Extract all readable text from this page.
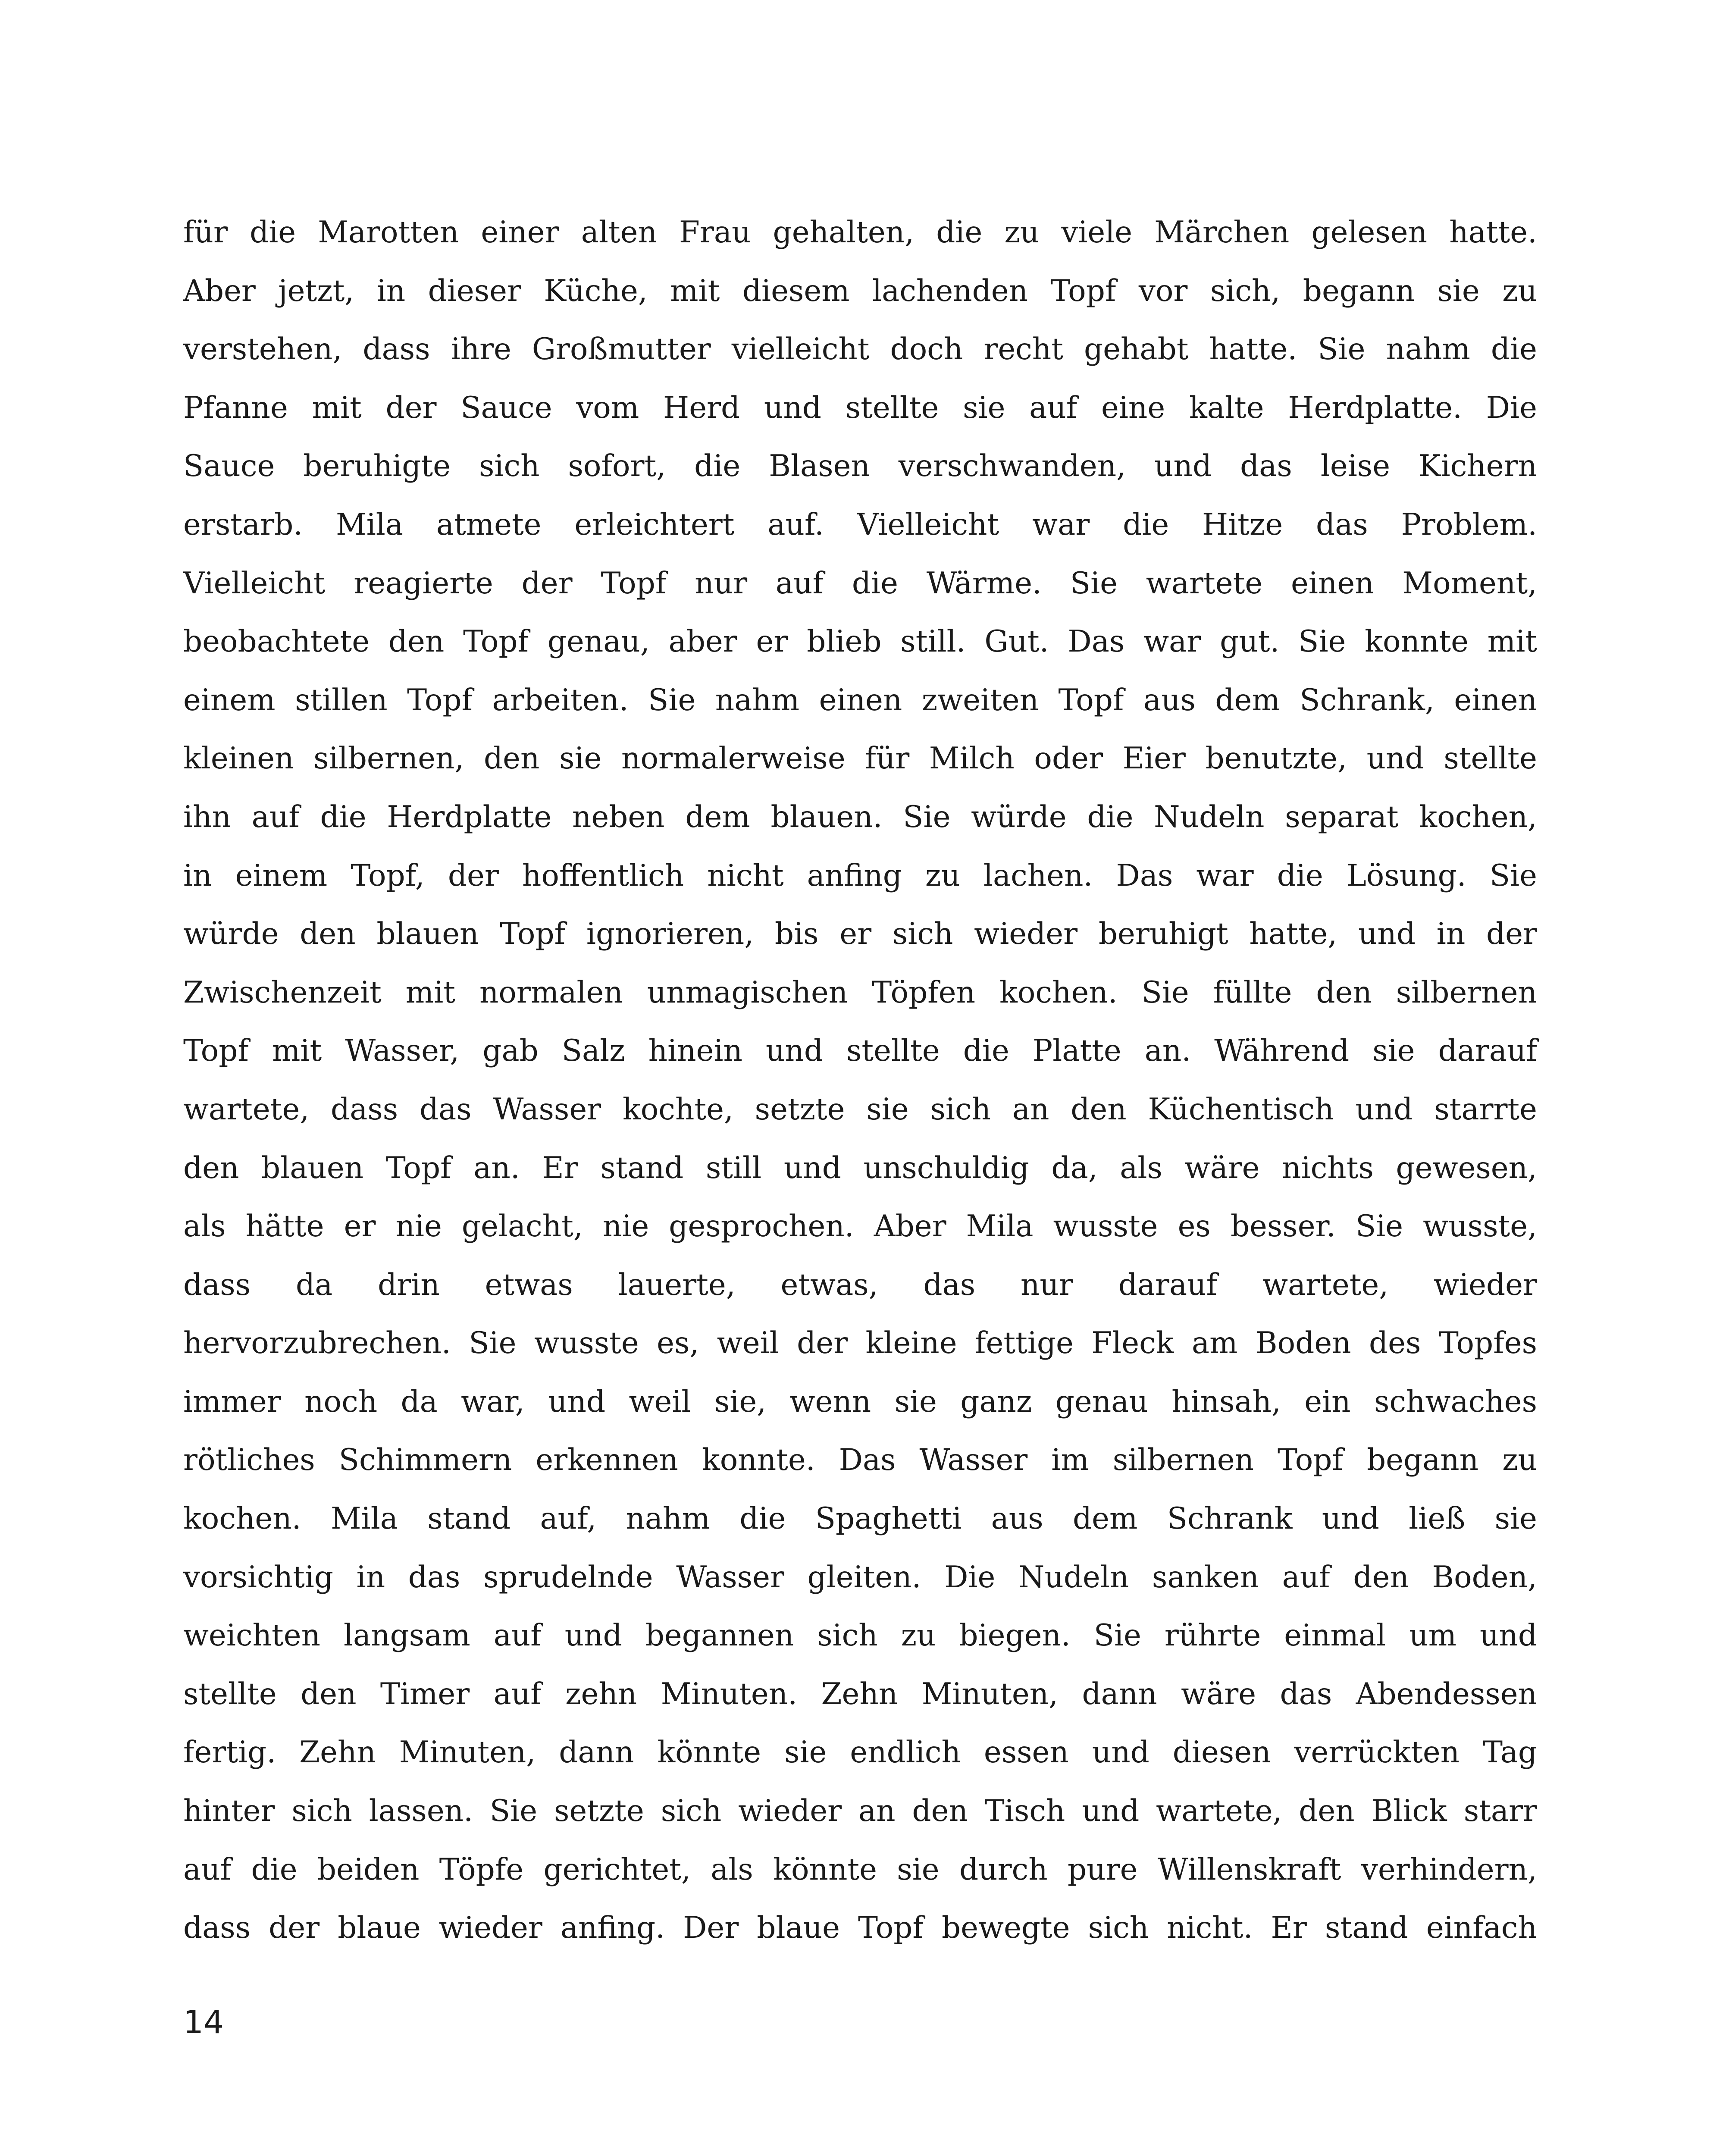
für die Marotten einer alten Frau gehalten, die zu viele Märchen gelesen hatte.
Aber jetzt, in dieser Küche, mit diesem lachenden Topf vor sich, begann sie zu
verstehen, dass ihre Großmutter vielleicht doch recht gehabt hatte. Sie nahm die
Pfanne mit der Sauce vom Herd und stellte sie auf eine kalte Herdplatte. Die
Sauce beruhigte sich sofort, die Blasen verschwanden, und das leise Kichern
erstarb. Mila atmete erleichtert auf. Vielleicht war die Hitze das Problem.
Vielleicht reagierte der Topf nur auf die Wärme. Sie wartete einen Moment,
beobachtete den Topf genau, aber er blieb still. Gut. Das war gut. Sie konnte mit
einem stillen Topf arbeiten. Sie nahm einen zweiten Topf aus dem Schrank, einen
kleinen silbernen, den sie normalerweise für Milch oder Eier benutzte, und stellte
ihn auf die Herdplatte neben dem blauen. Sie würde die Nudeln separat kochen,
in einem Topf, der hoffentlich nicht anfing zu lachen. Das war die Lösung. Sie
würde den blauen Topf ignorieren, bis er sich wieder beruhigt hatte, und in der
Zwischenzeit mit normalen unmagischen Töpfen kochen. Sie füllte den silbernen
Topf mit Wasser, gab Salz hinein und stellte die Platte an. Während sie darauf
wartete, dass das Wasser kochte, setzte sie sich an den Küchentisch und starrte
den blauen Topf an. Er stand still und unschuldig da, als wäre nichts gewesen,
als hätte er nie gelacht, nie gesprochen. Aber Mila wusste es besser. Sie wusste,
dass da drin etwas lauerte, etwas, das nur darauf wartete, wieder
hervorzubrechen. Sie wusste es, weil der kleine fettige Fleck am Boden des Topfes
immer noch da war, und weil sie, wenn sie ganz genau hinsah, ein schwaches
rötliches Schimmern erkennen konnte. Das Wasser im silbernen Topf begann zu
kochen. Mila stand auf, nahm die Spaghetti aus dem Schrank und ließ sie
vorsichtig in das sprudelnde Wasser gleiten. Die Nudeln sanken auf den Boden,
weichten langsam auf und begannen sich zu biegen. Sie rührte einmal um und
stellte den Timer auf zehn Minuten. Zehn Minuten, dann wäre das Abendessen
fertig. Zehn Minuten, dann könnte sie endlich essen und diesen verrückten Tag
hinter sich lassen. Sie setzte sich wieder an den Tisch und wartete, den Blick starr
auf die beiden Töpfe gerichtet, als könnte sie durch pure Willenskraft verhindern,
dass der blaue wieder anfing. Der blaue Topf bewegte sich nicht. Er stand einfach

14
